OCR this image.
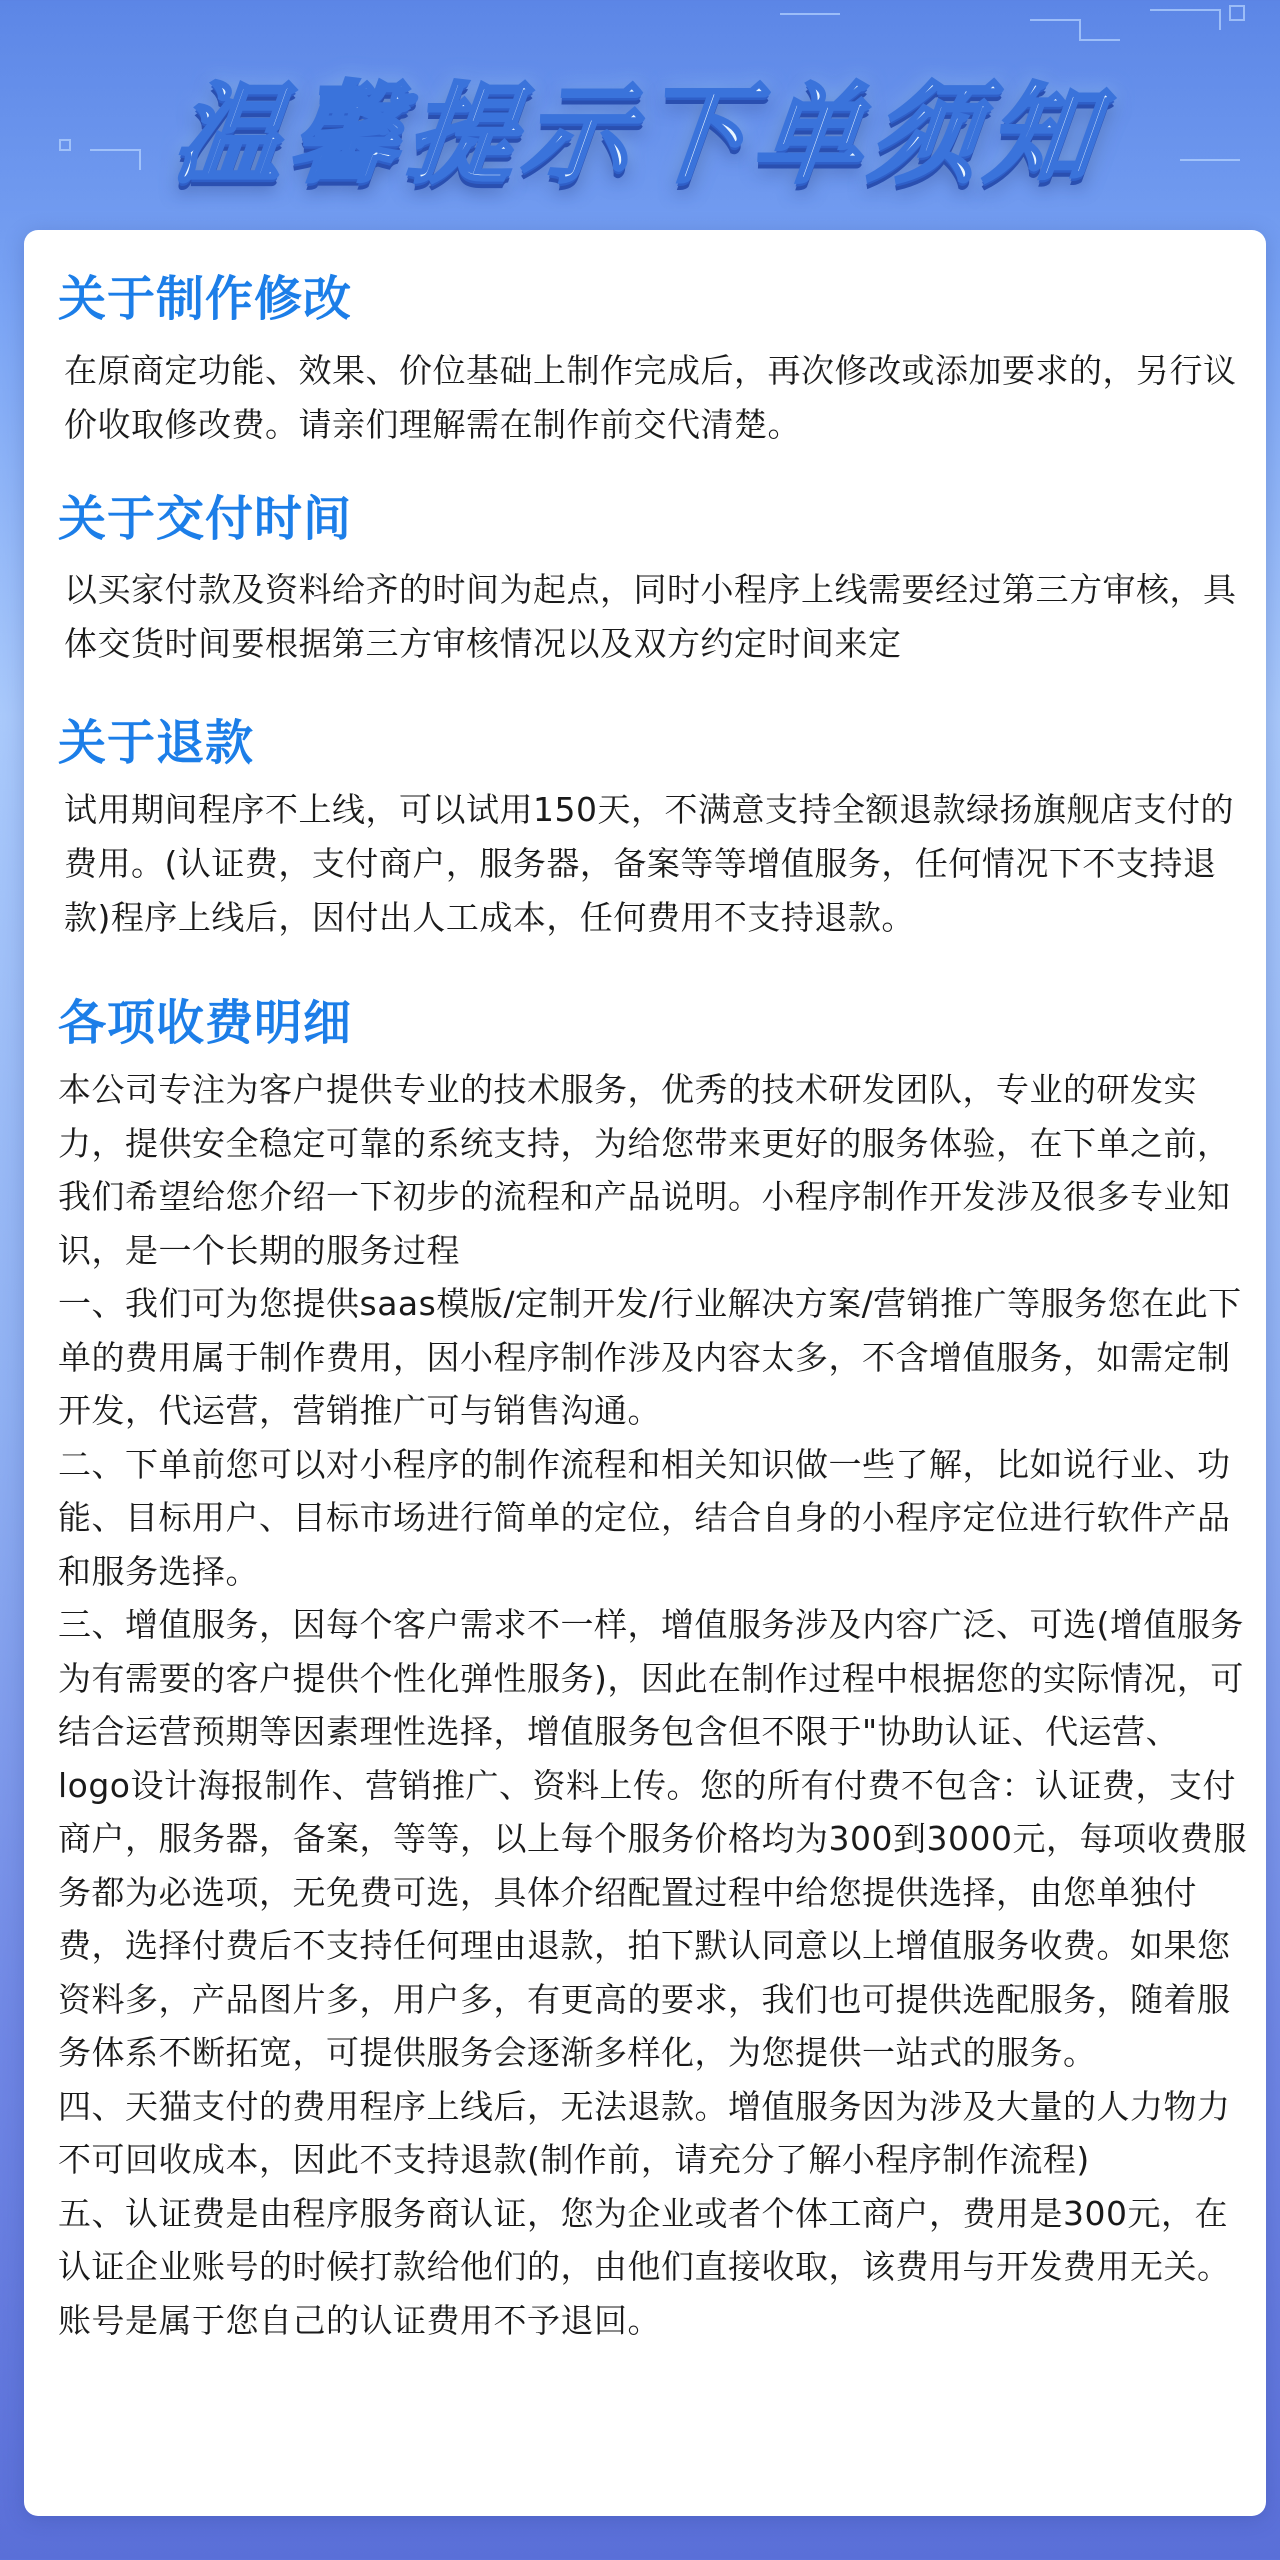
温馨提示下单须知
关于制作修改
在原商定功能、效果、价位基础上制作完成后，再次修改或添加要求的，另行议价收取修改费。请亲们理解需在制作前交代清楚。
关于交付时间
以买家付款及资料给齐的时间为起点，同时小程序上线需要经过第三方审核，具体交货时间要根据第三方审核情况以及双方约定时间来定
关于退款
试用期间程序不上线，可以试用150天，不满意支持全额退款绿扬旗舰店支付的费用。(认证费，支付商户，服务器，备案等等增值服务，任何情况下不支持退款)程序上线后，因付出人工成本，任何费用不支持退款。
各项收费明细

本公司专注为客户提供专业的技术服务，优秀的技术研发团队，专业的研发实力，提供安全稳定可靠的系统支持，为给您带来更好的服务体验，在下单之前，我们希望给您介绍一下初步的流程和产品说明。小程序制作开发涉及很多专业知识，是一个长期的服务过程

一、我们可为您提供saas模版/定制开发/行业解决方案/营销推广等服务您在此下单的费用属于制作费用，因小程序制作涉及内容太多，不含增值服务，如需定制开发，代运营，营销推广可与销售沟通。

二、下单前您可以对小程序的制作流程和相关知识做一些了解，比如说行业、功能、目标用户、目标市场进行简单的定位，结合自身的小程序定位进行软件产品和服务选择。

三、增值服务，因每个客户需求不一样，增值服务涉及内容广泛、可选(增值服务为有需要的客户提供个性化弹性服务)，因此在制作过程中根据您的实际情况，可结合运营预期等因素理性选择，增值服务包含但不限于"协助认证、代运营、logo设计海报制作、营销推广、资料上传。您的所有付费不包含：认证费，支付商户，服务器，备案，等等，以上每个服务价格均为300到3000元，每项收费服务都为必选项，无免费可选，具体介绍配置过程中给您提供选择，由您单独付费，选择付费后不支持任何理由退款，拍下默认同意以上增值服务收费。如果您资料多，产品图片多，用户多，有更高的要求，我们也可提供选配服务，随着服务体系不断拓宽，可提供服务会逐渐多样化，为您提供一站式的服务。

四、天猫支付的费用程序上线后，无法退款。增值服务因为涉及大量的人力物力不可回收成本，因此不支持退款(制作前，请充分了解小程序制作流程)

五、认证费是由程序服务商认证，您为企业或者个体工商户，费用是300元，在认证企业账号的时候打款给他们的，由他们直接收取，该费用与开发费用无关。账号是属于您自己的认证费用不予退回。
